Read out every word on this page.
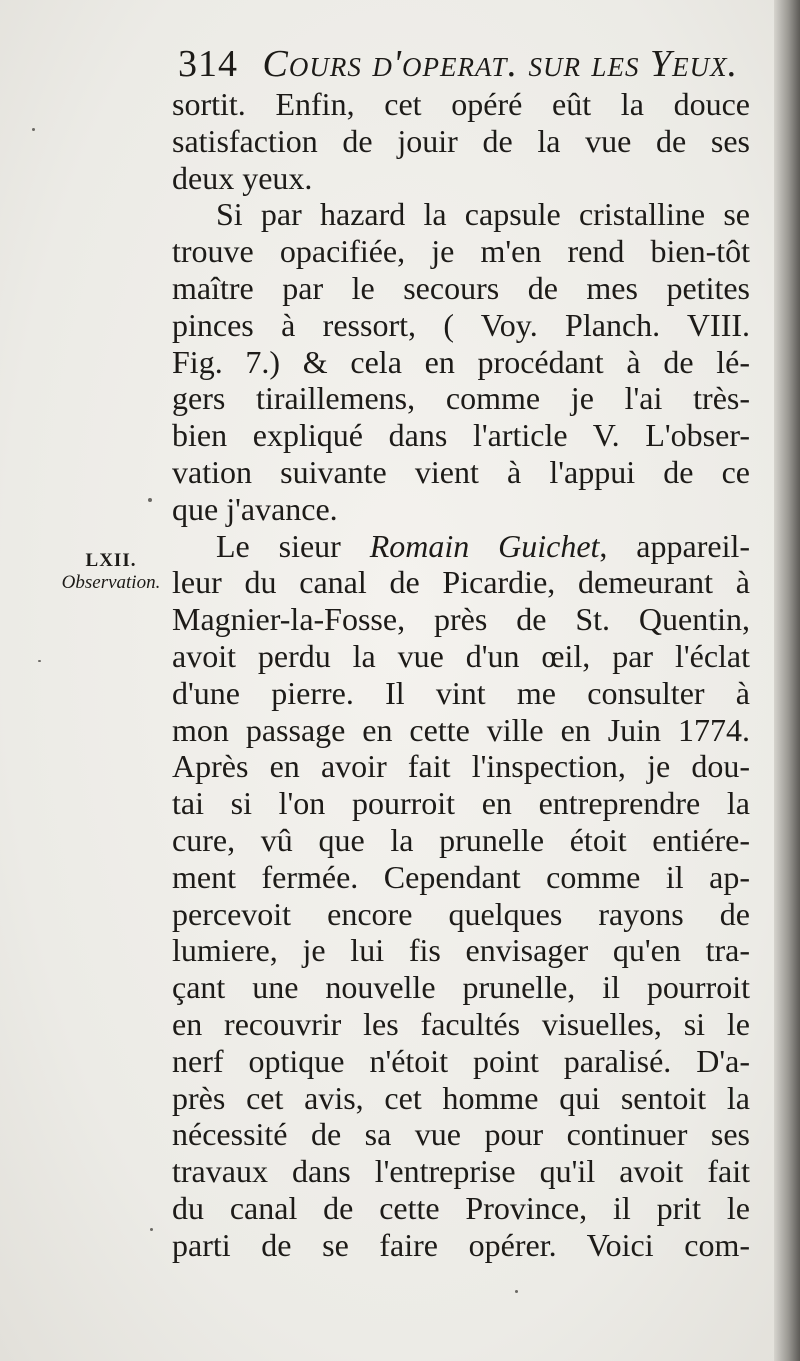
314 Cours d'operat. sur les Yeux.
LXII.
Observation.
sortit. Enfin, cet opéré eût la douce
satisfaction de jouir de la vue de ses
deux yeux.
Si par hazard la capsule cristalline se
trouve opacifiée, je m'en rend bien-tôt
maître par le secours de mes petites
pinces à ressort, ( Voy. Planch. VIII.
Fig. 7.) & cela en procédant à de lé-
gers tiraillemens, comme je l'ai très-
bien expliqué dans l'article V. L'obser-
vation suivante vient à l'appui de ce
que j'avance.
Le sieur Romain Guichet, appareil-
leur du canal de Picardie, demeurant à
Magnier-la-Fosse, près de St. Quentin,
avoit perdu la vue d'un œil, par l'éclat
d'une pierre. Il vint me consulter à
mon passage en cette ville en Juin 1774.
Après en avoir fait l'inspection, je dou-
tai si l'on pourroit en entreprendre la
cure, vû que la prunelle étoit entiére-
ment fermée. Cependant comme il ap-
percevoit encore quelques rayons de
lumiere, je lui fis envisager qu'en tra-
çant une nouvelle prunelle, il pourroit
en recouvrir les facultés visuelles, si le
nerf optique n'étoit point paralisé. D'a-
près cet avis, cet homme qui sentoit la
nécessité de sa vue pour continuer ses
travaux dans l'entreprise qu'il avoit fait
du canal de cette Province, il prit le
parti de se faire opérer. Voici com-
